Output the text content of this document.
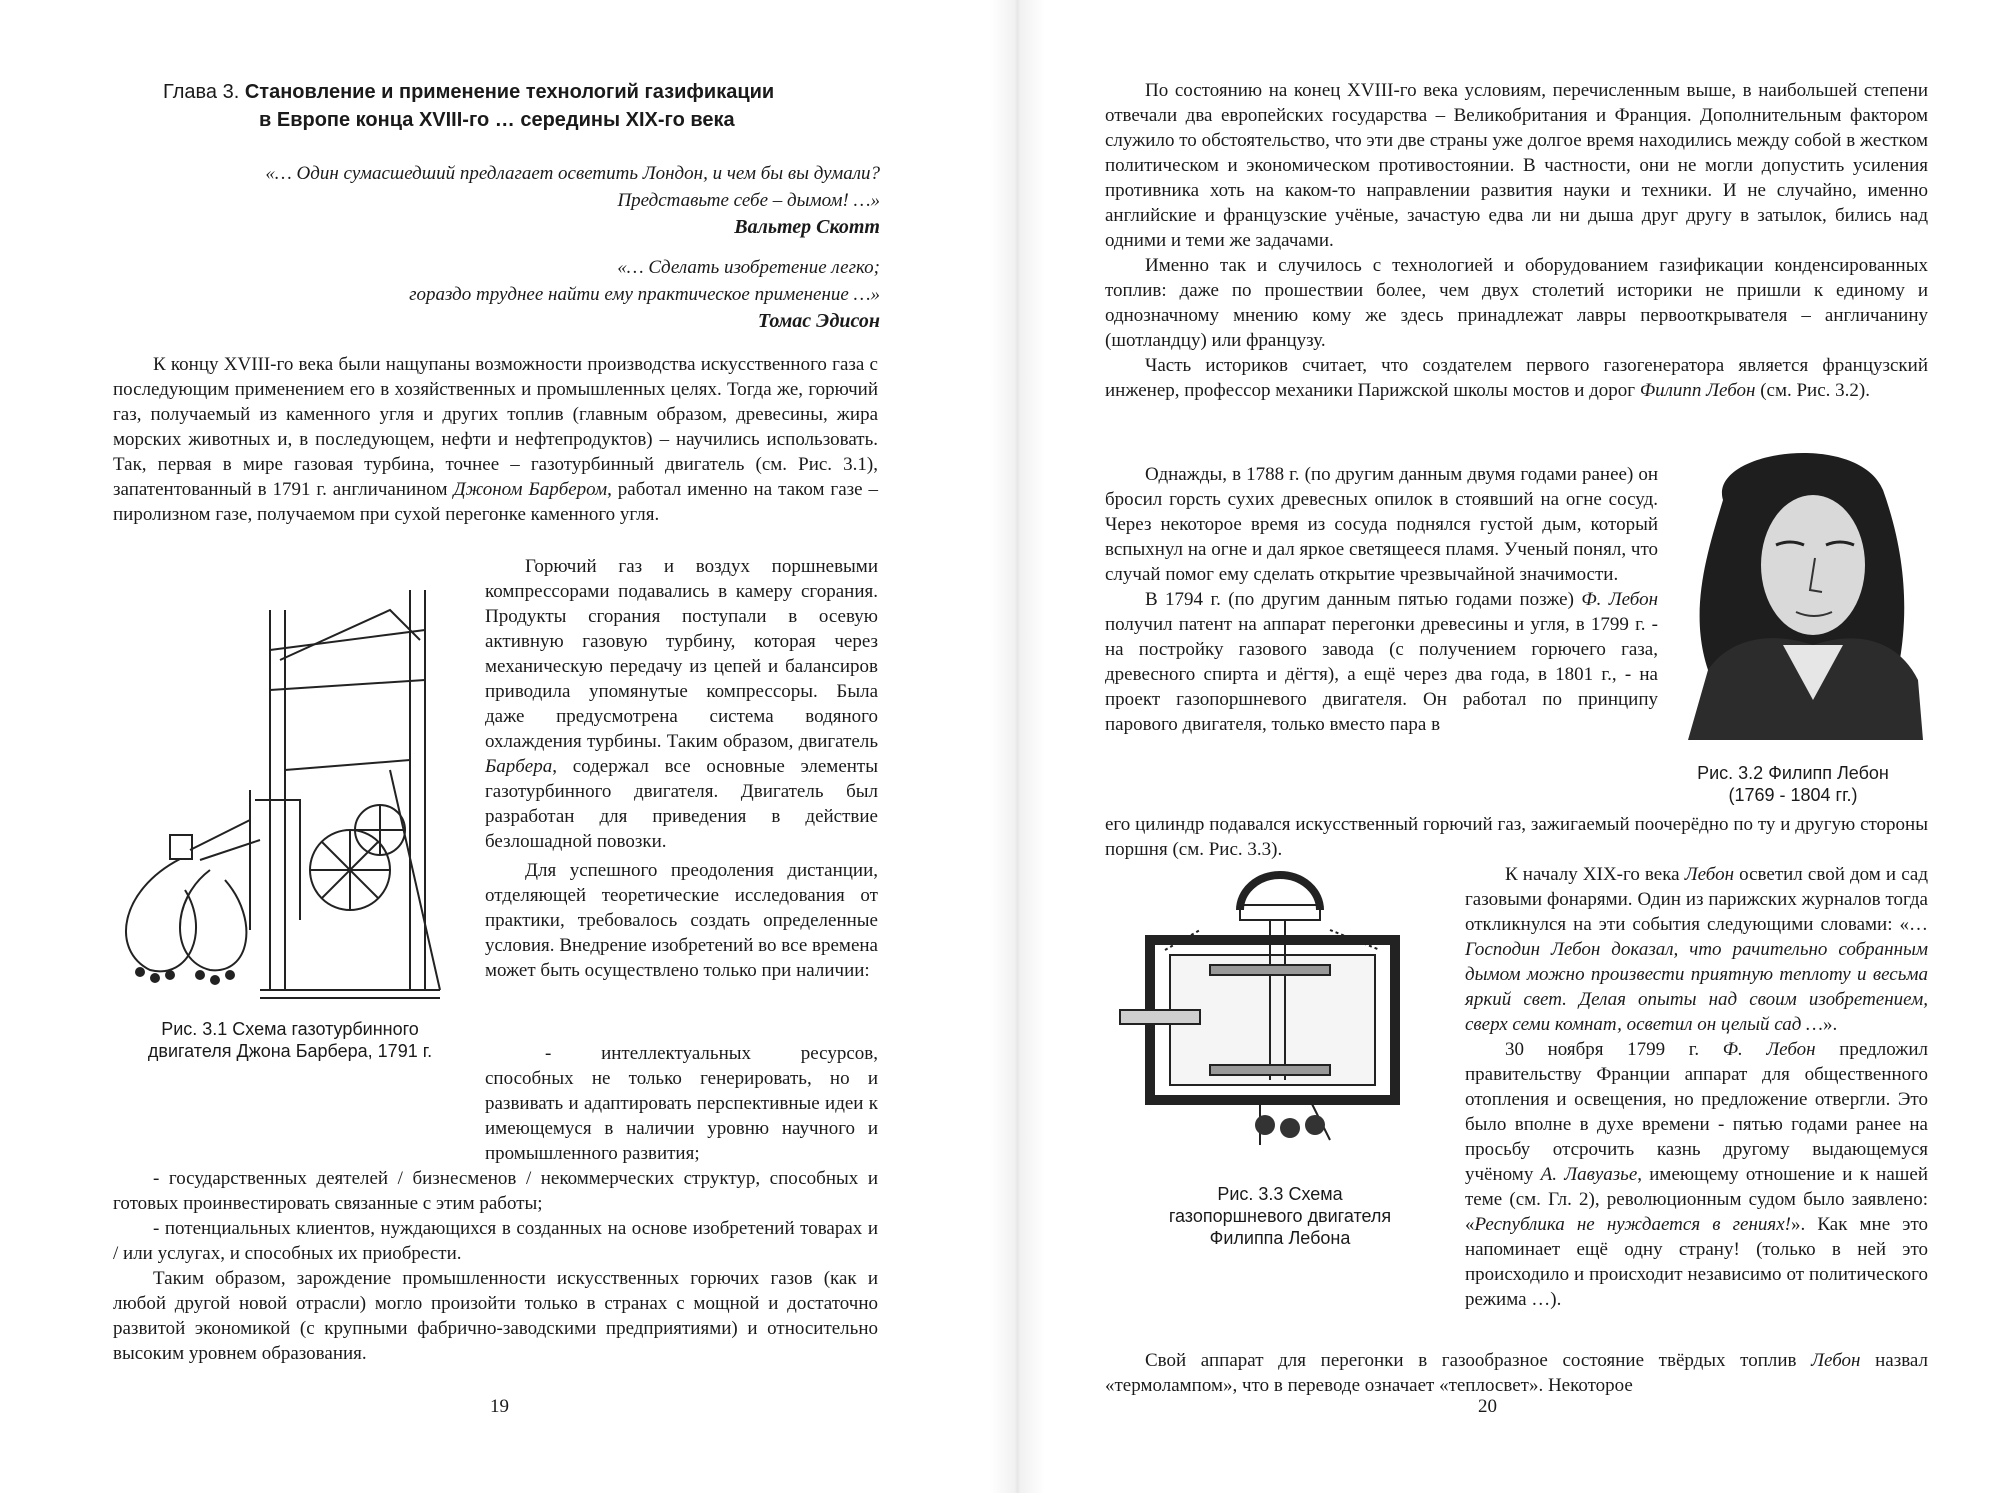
Глава 3. Становление и применение технологий газификации
в Европе конца XVIII-го … середины XIX-го века
«… Один сумасшедший предлагает осветить Лондон, и чем бы вы думали?
Представьте себе – дымом! …»
Вальтер Скотт
«… Сделать изобретение легко;
гораздо труднее найти ему практическое применение …»
Томас Эдисон

К концу XVIII-го века были нащупаны возможности производства искусственного газа с последующим применением его в хозяйственных и промышленных целях. Тогда же, горючий газ, получаемый из каменного угля и других топлив (главным образом, древесины, жира морских животных и, в последующем, нефти и нефтепродуктов) – научились использовать. Так, первая в мире газовая турбина, точнее – газотурбинный двигатель (см. Рис. 3.1), запатентованный в 1791 г. англичанином Джоном Барбером, работал именно на таком газе – пиролизном газе, получаемом при сухой перегонке каменного угля.

Рис. 3.1 Схема газотурбинного
двигателя Джона Барбера, 1791 г.

Горючий газ и воздух поршневыми компрессорами подавались в камеру сгорания. Продукты сгорания поступали в осевую активную газовую турбину, которая через механическую передачу из цепей и балансиров приводила упомянутые компрессоры. Была даже предусмотрена система водяного охлаждения турбины. Таким образом, двигатель Барбера, содержал все основные элементы газотурбинного двигателя. Двигатель был разработан для приведения в действие безлошадной повозки.

Для успешного преодоления дистанции, отделяющей теоретические исследования от практики, требовалось создать определенные условия. Внедрение изобретений во все времена может быть осуществлено только при наличии:

- интеллектуальных ресурсов, способных не только генерировать, но и развивать и адаптировать перспективные идеи к имеющемуся в наличии уровню научного и промышленного развития;

- государственных деятелей / бизнесменов / некоммерческих структур, способных и готовых проинвестировать связанные с этим работы;

- потенциальных клиентов, нуждающихся в созданных на основе изобретений товарах и / или услугах, и способных их приобрести.

Таким образом, зарождение промышленности искусственных горючих газов (как и любой другой новой отрасли) могло произойти только в странах с мощной и достаточно развитой экономикой (с крупными фабрично-заводскими предприятиями) и относительно высоким уровнем образования.

19

По состоянию на конец XVIII-го века условиям, перечисленным выше, в наибольшей степени отвечали два европейских государства – Великобритания и Франция. Дополнительным фактором служило то обстоятельство, что эти две страны уже долгое время находились между собой в жестком политическом и экономическом противостоянии. В частности, они не могли допустить усиления противника хоть на каком-то направлении развития науки и техники. И не случайно, именно английские и французские учёные, зачастую едва ли ни дыша друг другу в затылок, бились над одними и теми же задачами.

Именно так и случилось с технологией и оборудованием газификации конденсированных топлив: даже по прошествии более, чем двух столетий историки не пришли к единому и однозначному мнению кому же здесь принадлежат лавры первооткрывателя – англичанину (шотландцу) или французу.

Часть историков считает, что создателем первого газогенератора является французский инженер, профессор механики Парижской школы мостов и дорог Филипп Лебон (см. Рис. 3.2).

Однажды, в 1788 г. (по другим данным двумя годами ранее) он бросил горсть сухих древесных опилок в стоявший на огне сосуд. Через некоторое время из сосуда поднялся густой дым, который вспыхнул на огне и дал яркое светящееся пламя. Ученый понял, что случай помог ему сделать открытие чрезвычайной значимости.

В 1794 г. (по другим данным пятью годами позже) Ф. Лебон получил патент на аппарат перегонки древесины и угля, в 1799 г. - на постройку газового завода (с получением горючего газа, древесного спирта и дёгтя), а ещё через два года, в 1801 г., - на проект газопоршневого двигателя. Он работал по принципу парового двигателя, только вместо пара в

Рис. 3.2 Филипп Лебон
(1769 - 1804 гг.)

его цилиндр подавался искусственный горючий газ, зажигаемый поочерёдно по ту и другую стороны поршня (см. Рис. 3.3).

Рис. 3.3 Схема
газопоршневого двигателя
Филиппа Лебона

К началу XIX-го века Лебон осветил свой дом и сад газовыми фонарями. Один из парижских журналов тогда откликнулся на эти события следующими словами: «…Господин Лебон доказал, что рачительно собранным дымом можно произвести приятную теплоту и весьма яркий свет. Делая опыты над своим изобретением, сверх семи комнат, осветил он целый сад …».

30 ноября 1799 г. Ф. Лебон предложил правительству Франции аппарат для общественного отопления и освещения, но предложение отвергли. Это было вполне в духе времени - пятью годами ранее на просьбу отсрочить казнь другому выдающемуся учёному А. Лавуазье, имеющему отношение и к нашей теме (см. Гл. 2), революционным судом было заявлено: «Республика не нуждается в гениях!». Как мне это напоминает ещё одну страну! (только в ней это происходило и происходит независимо от политического режима …).

Свой аппарат для перегонки в газообразное состояние твёрдых топлив Лебон назвал «термолампом», что в переводе означает «теплосвет». Некоторое

20
